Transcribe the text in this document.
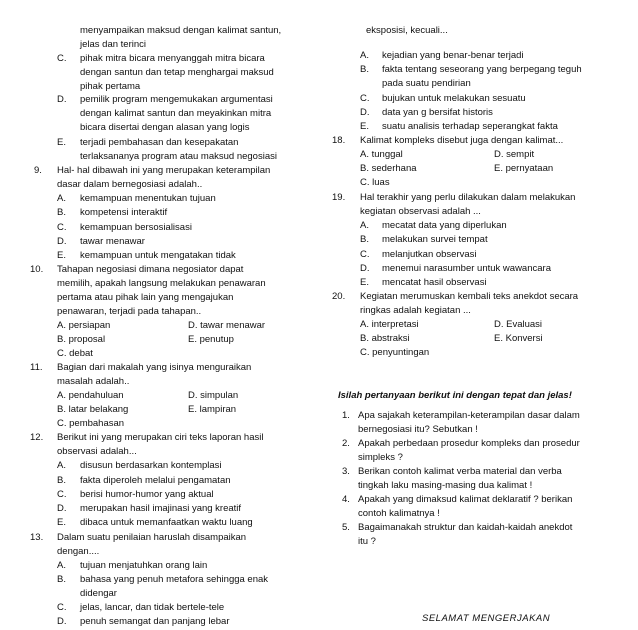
menyampaikan maksud dengan kalimat santun,
jelas dan terinci
C. pihak mitra bicara menyanggah mitra bicara
dengan santun dan tetap menghargai maksud
pihak pertama
D. pemilik program mengemukakan argumentasi
dengan kalimat santun dan meyakinkan mitra
bicara disertai dengan alasan yang logis
E. terjadi pembahasan dan kesepakatan
terlaksananya program atau maksud negosiasi
9. Hal- hal dibawah ini yang merupakan keterampilan
dasar dalam bernegosiasi adalah..
A. kemampuan menentukan tujuan
B. kompetensi interaktif
C. kemampuan bersosialisasi
D. tawar menawar
E. kemampuan untuk mengatakan tidak
10. Tahapan negosiasi dimana negosiator dapat
memilih, apakah langsung melakukan penawaran
pertama atau pihak lain yang mengajukan
penawaran, terjadi pada tahapan..
A. persiapan	D. tawar menawar
B. proposal	E. penutup
C. debat
11. Bagian dari makalah yang isinya menguraikan
masalah adalah..
A. pendahuluan	D. simpulan
B. latar belakang	E. lampiran
C. pembahasan
12. Berikut ini yang merupakan ciri teks laporan hasil
observasi adalah...
A. disusun berdasarkan kontemplasi
B. fakta diperoleh melalui pengamatan
C. berisi humor-humor yang aktual
D. merupakan hasil imajinasi yang kreatif
E. dibaca untuk memanfaatkan waktu luang
13. Dalam suatu penilaian haruslah disampaikan
dengan....
A. tujuan menjatuhkan orang lain
B. bahasa yang penuh metafora sehingga enak
didengar
C. jelas, lancar, dan tidak bertele-tele
D. penuh semangat dan panjang lebar
eksposisi, kecuali...
A. kejadian yang benar-benar terjadi
B. fakta tentang seseorang yang berpegang teguh
pada suatu pendirian
C. bujukan untuk melakukan sesuatu
D. data yan g bersifat historis
E. suatu analisis terhadap seperangkat fakta
18. Kalimat kompleks disebut juga dengan kalimat...
A. tunggal	D. sempit
B. sederhana	E. pernyataan
C. luas
19. Hal terakhir yang perlu dilakukan dalam melakukan
kegiatan observasi adalah ...
A. mecatat data yang diperlukan
B. melakukan survei tempat
C. melanjutkan observasi
D. menemui narasumber untuk wawancara
E. mencatat hasil observasi
20. Kegiatan merumuskan kembali teks anekdot secara
ringkas adalah kegiatan ...
A. interpretasi	D. Evaluasi
B. abstraksi	E. Konversi
C. penyuntingan
Isilah pertanyaan berikut ini dengan tepat dan jelas!
1. Apa sajakah keterampilan-keterampilan dasar dalam
bernegosiasi itu? Sebutkan !
2. Apakah perbedaan prosedur kompleks dan prosedur
simpleks ?
3. Berikan contoh kalimat verba material dan verba
tingkah laku masing-masing dua kalimat !
4. Apakah yang dimaksud kalimat deklaratif ? berikan
contoh kalimatnya !
5. Bagaimanakah struktur dan kaidah-kaidah anekdot
itu ?
SELAMAT MENGERJAKAN
